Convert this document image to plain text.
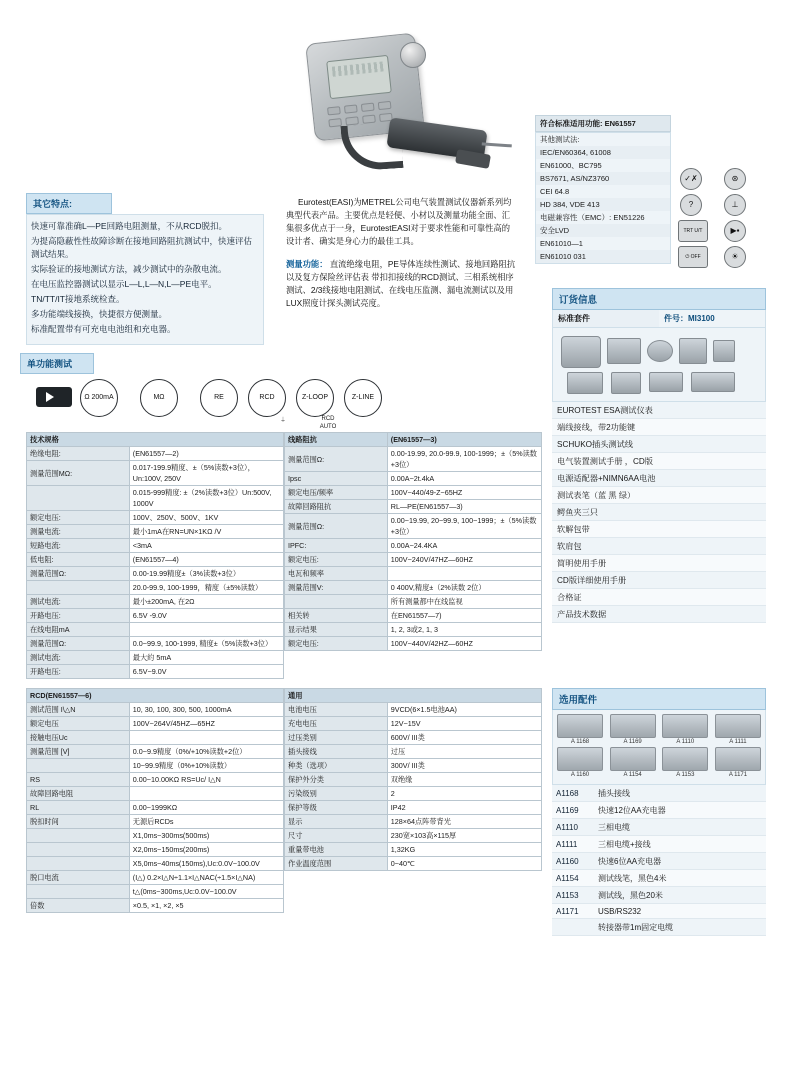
符合标准适用功能: EN61557
其他测试法:
IEC/EN60364, 61008
EN61000、BC795
BS7671, AS/NZ3760
CEI 64.8
HD 384, VDE 413
电磁兼容性（EMC）: EN51226
安全LVD
EN61010—1
EN61010 031
✓✗	⊛
?	⊥
TRT U/T	▶▪
⏻ OFF	☀
其它特点:

快速可靠准确L—PE回路电阻测量，不从RCD脱扣。

为提高隐蔽性性故障诊断在接地回路阻抗测试中，快速评估测试结果。

实际验证的接地测试方法，减少测试中的杂散电流。

在电压监控器测试以显示L—L,L—N,L—PE电平。

TN/TT/IT接地系统检查。

多功能端线接换，快捷很方便测量。

标准配置带有可充电电池组和充电器。

Eurotest(EASI)为METREL公司电气装置测试仪器新系列均典型代表产品。主要优点是轻便、小材以及测量功能全面、汇集很多优点于一身，EurotestEASI对于要求性能和可靠性高的设计者、确实是身心力的最佳工具。
测量功能： 直流绝缘电阻，PE导体连续性测试、接地回路阻抗以及复方保险丝评估表 带扣扣接线的RCD测试、三相系统相序测试、2/3线接地电阻测试、在线电压监测、漏电流测试以及用LUX照度计探头测试亮度。
单功能测试
Ω 200mA	MΩ	RE	RCD	Z-LOOP	Z-LINE
⏚	RCD AUTO
技术规格	
绝缘电阻:	(EN61557—2)
测量范围MΩ:	0.017-199.9精度、±（5%读数+3位），Un:100V, 250V
	0.015-999精度: ±（2%读数+3位）Un:500V, 1000V
额定电压:	100V、250V、500V、1KV
测量电流:	最小1mA在RN=UN×1KΩ /V
短路电流:	<3mA
低电阻:	(EN61557—4)
测量范围Ω:	0.00-19.99精度±（3%读数+3位）
	20.0-99.9, 100-1999，精度（±5%读数）
测试电流:	最小±200mA, 在2Ω
开路电压:	6.5V -9.0V
在线电阻mA	
测量范围Ω:	0.0~99.9, 100-1999, 精度±（5%读数+3位）
测试电流:	最大約 5mA
开路电压:	6.5V~9.0V
线路阻抗	(EN61557—3)
测量范围Ω:	0.00-19.99, 20.0-99.9, 100-1999；±（5%读数+3位）
Ipsc	0.00A~2t.4kA
额定电压/频率	100V~440/49-Z~65HZ
故障回路阻抗	RL—PE(EN61557—3)
测量范围Ω:	0.00~19.99, 20~99.9, 100~1999；±（5%读数+3位）
IPFC:	0.00A~24.4KA
额定电压:	100V~240V/47HZ—60HZ
电瓦和频率	
测量范围V:	0 400V,精度±（2%读数 2位）
	所有测量都中在线监视
相关转	在EN61557—7)
显示结果	1, 2, 3或2, 1, 3
额定电压:	100V~440V/42HZ—60HZ
RCD(EN61557—6)	
测试范围 I\△N	10, 30, 100, 300, 500, 1000mA
额定电压	100V~264V/45HZ—65HZ
接触电压Uc	
测量范围 [V]	0.0~9.9精度（0%/+10%读数+2位）
	10~99.9精度（0%+10%读数）
RS	0.00~10.00KΩ RS=Uc/ I△N
故障回路电阻	
RL	0.00~1999KΩ
脱扣时间	无源后RCDs
	X1,0ms~300ms(500ms)
	X2,0ms~150ms(200ms)
	X5,0ms~40ms(150ms),Uc:0.0V~100.0V
脱口电流	(I△) 0.2×I△N÷1.1×I△NAC(÷1.5×I△NA)
	t△(0ms~300ms,Uc:0.0V~100.0V
倍数	×0.5, ×1, ×2, ×5
通用	
电池电压	9VCD(6×1.5电池AA)
充电电压	12V~15V
过压类别	600V/ III类
插头接线	过压
种类（选项）	300V/ III类
保护外分类	双绝缘
污染级别	2
保护等级	IP42
显示	128×64点阵带背光
尺寸	230宽×103高×115厚
重量带电池	1,32KG
作业温度范围	0~40℃
订货信息
标准套件	件号：MI3100
EUROTEST ESA测试仪表
端线接线，带2功能键
SCHUKO插头测试线
电气装置测试手册 ，CD版
电源适配器+NIMN6AA电池
测试表笔（蓝 黑 绿）
鳄鱼夹三只
软解包带
软肩包
简明使用手册
CD版详细使用手册
合格证
产品技术数据
选用配件
A 1168	A 1169	A 1110	A 1111
A 1160	A 1154	A 1153	A 1171
A1168	插头接线
A1169	快速12位AA充电器
A1110	三相电缆
A1111	三相电缆+接线
A1160	快速6位AA充电器
A1154	测试线笔，黑色4米
A1153	测试线，黑色20米
A1171	USB/RS232
	转接器带1m固定电缆
